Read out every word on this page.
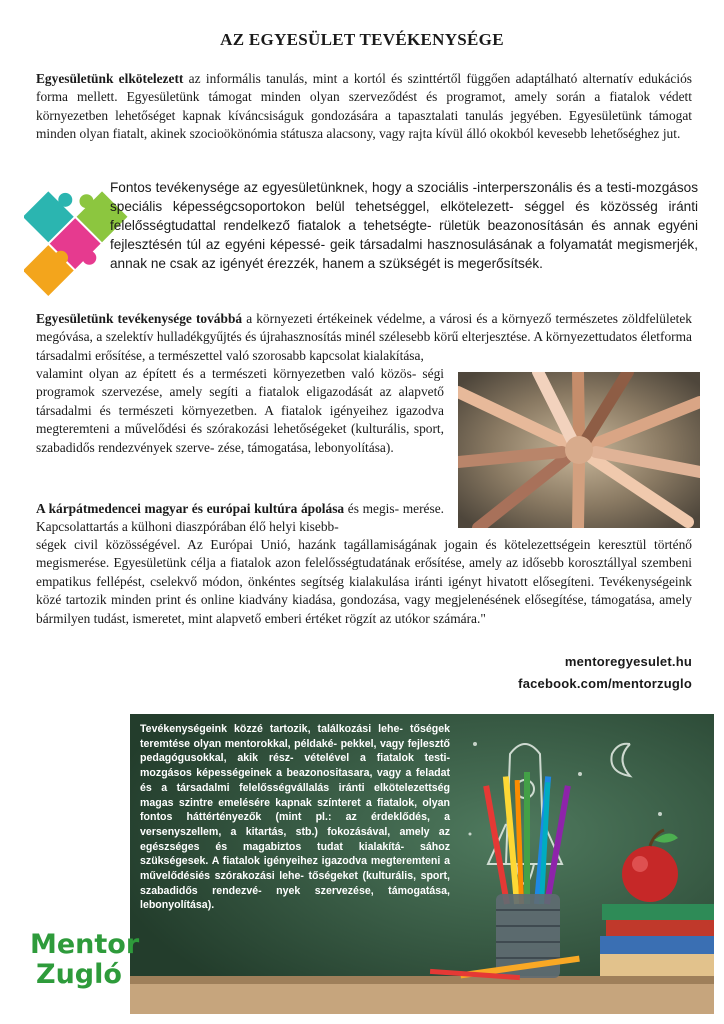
AZ EGYESÜLET TEVÉKENYSÉGE

Egyesületünk elkötelezett az informális tanulás, mint a kortól és szinttértől függően adaptálható alternatív edukációs forma mellett. Egyesületünk támogat minden olyan szerveződést és programot, amely során a fiatalok védett környezetben lehetőséget kapnak kíváncsiságuk gondozására a tapasztalati tanulás jegyében. Egyesületünk támogat minden olyan fiatalt, akinek szocioökönómia státusza alacsony, vagy rajta kívül álló okokból kevesebb lehetőséghez jut.

Fontos tevékenysége az egyesületünknek, hogy a szociális -interperszonális és a testi-mozgásos speciális képességcsoportokon belül tehetséggel, elkötelezett- séggel és közösség iránti felelősségtudattal rendelkező fiatalok a tehetségte- rületük beazonosításán és annak egyéni fejlesztésén túl az egyéni képessé- geik társadalmi hasznosulásának a folyamatát megismerjék, annak ne csak az igényét érezzék, hanem a szükségét is megerősítsék.

Egyesületünk tevékenysége továbbá a környezeti értékeinek védelme, a városi és a környező természetes zöldfelületek megóvása, a szelektív hulladékgyűjtés és újrahasznosítás minél szélesebb körű elterjesztése. A környezettudatos életforma társadalmi erősítése, a természettel való szorosabb kapcsolat kialakítása,

valamint olyan az épített és a természeti környezetben való közös- ségi programok szervezése, amely segíti a fiatalok eligazodását az alapvető társadalmi és természeti környezetben. A fiatalok igényeihez igazodva megteremteni a művelődési és szórakozási lehetőségeket (kulturális, sport, szabadidős rendezvények szerve- zése, támogatása, lebonyolítása).

A kárpátmedencei magyar és európai kultúra ápolása és megis- merése. Kapcsolattartás a külhoni diaszpórában élő helyi kisebb-

ségek civil közösségével. Az Európai Unió, hazánk tagállamiságának jogain és kötelezettségein keresztül történő megismerése. Egyesületünk célja a fiatalok azon felelősségtudatának erősítése, amely az idősebb korosztállyal szembeni empatikus fellépést, cselekvő módon, önkéntes segítség kialakulása iránti igényt hivatott elősegíteni. Tevékenységeink közé tartozik minden print és online kiadvány kiadása, gondozása, vagy megjelenésének elősegítése, támogatása, amely bármilyen tudást, ismeretet, mint alapvető emberi értéket rögzít az utókor számára."

mentoregyesulet.hu
facebook.com/mentorzuglo

Tevékenységeink közzé tartozik, találkozási lehe- tőségek teremtése olyan mentorokkal, példaké- pekkel, vagy fejlesztő pedagógusokkal, akik rész- vételével a fiatalok testi-mozgásos képességeinek a beazonositasara, vagy a feladat és a társadalmi felelősségvállalás iránti elkötelezettség magas szintre emelésére kapnak színteret a fiatalok, olyan fontos háttértényezők (mint pl.: az érdeklődés, a versenyszellem, a kitartás, stb.) fokozásával, amely az egészséges és magabiztos tudat kialakítá- sához szükségesek. A fiatalok igényeihez igazodva megteremteni a művelődésiés szórakozási lehe- tőségeket (kulturális, sport, szabadidős rendezvé- nyek szervezése, támogatása, lebonyolítása).

Mentor
Zugló
